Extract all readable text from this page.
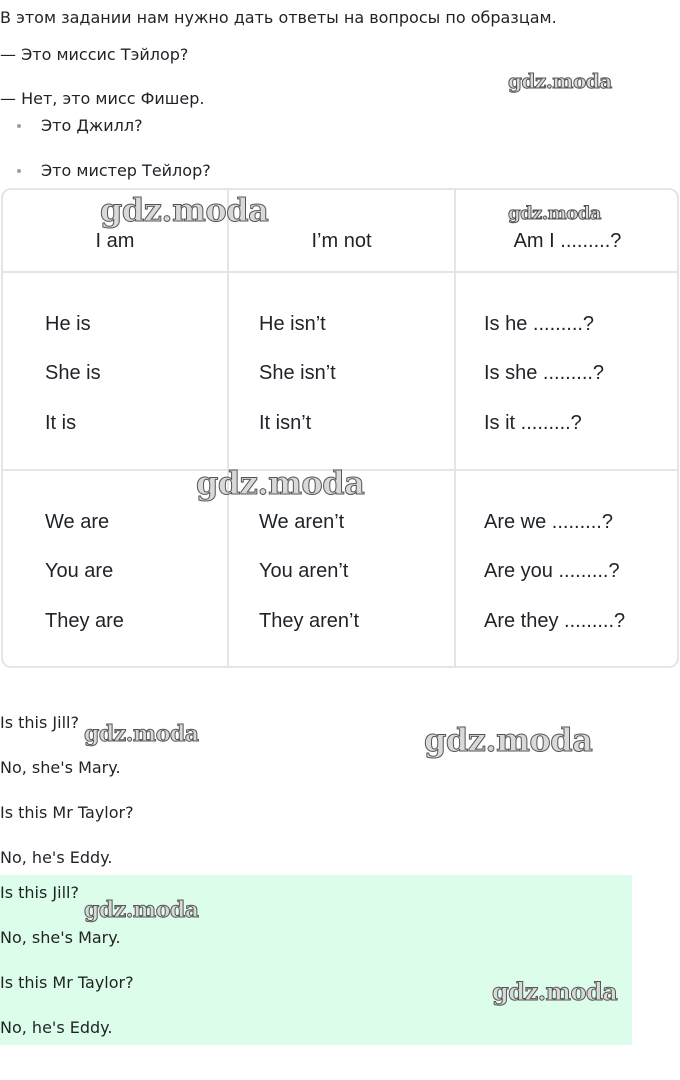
В этом задании нам нужно дать ответы на вопросы по образцам.
— Это миссис Тэйлор?
— Нет, это мисс Фишер.
Это Джилл?
Это мистер Тейлор?
I am	I’m not	Am I .........?
He is	He isn’t	Is he .........?
She is	She isn’t	Is she .........?
It is	It isn’t	Is it .........?
We are	We aren’t	Are we .........?
You are	You aren’t	Are you .........?
They are	They aren’t	Are they .........?
Is this Jill?
No, she's Mary.
Is this Mr Taylor?
No, he's Eddy.
Is this Jill?
No, she's Mary.
Is this Mr Taylor?
No, he's Eddy.
gdz.moda
gdz.moda	gdz.moda
gdz.moda
gdz.moda	gdz.moda
gdz.moda
gdz.moda
